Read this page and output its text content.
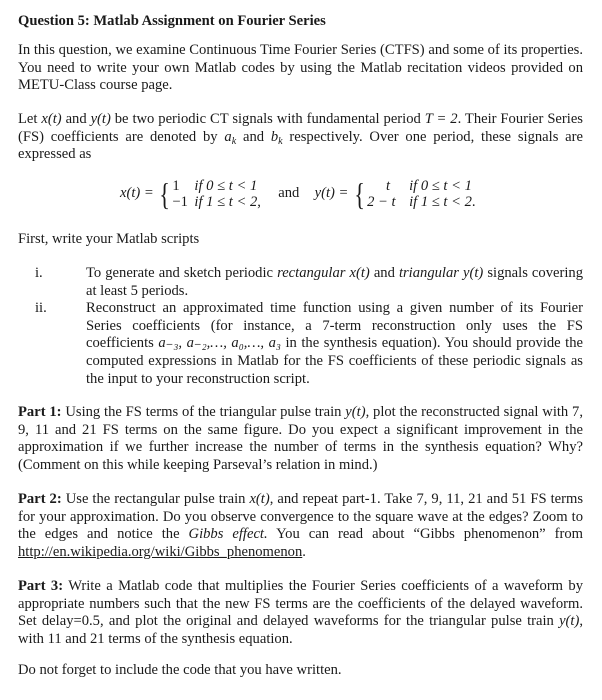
Question 5: Matlab Assignment on Fourier Series

In this question, we examine Continuous Time Fourier Series (CTFS) and some of its properties. You need to write your own Matlab codes by using the Matlab recitation videos provided on METU-Class course page.

Let x(t) and y(t) be two periodic CT signals with fundamental period T = 2. Their Fourier Series (FS) coefficients are denoted by $a_k$ and $b_k$ respectively. Over one period, these signals are expressed as

x(t) = { 1 if 0 ≤ t < 1
−1 if 1 ≤ t < 2,
and y(t) = {	t if 0 ≤ t < 1
2 − t if 1 ≤ t < 2.

First, write your Matlab scripts

i.	To generate and sketch periodic rectangular x(t) and triangular y(t) signals covering at least 5 periods.

ii.	Reconstruct an approximated time function using a given number of its Fourier Series coefficients (for instance, a 7-term reconstruction only uses the FS coefficients a₋₃, a₋₂,…, a₀,…, a₃ in the synthesis equation). You should provide the computed expressions in Matlab for the FS coefficients of these periodic signals as the input to your reconstruction script.

Part 1: Using the FS terms of the triangular pulse train y(t), plot the reconstructed signal with 7, 9, 11 and 21 FS terms on the same figure. Do you expect a significant improvement in the approximation if we further increase the number of terms in the synthesis equation? Why? (Comment on this while keeping Parseval’s relation in mind.)

Part 2: Use the rectangular pulse train x(t), and repeat part-1. Take 7, 9, 11, 21 and 51 FS terms for your approximation. Do you observe convergence to the square wave at the edges? Zoom to the edges and notice the Gibbs effect. You can read about “Gibbs phenomenon” from http://en.wikipedia.org/wiki/Gibbs_phenomenon.

Part 3: Write a Matlab code that multiplies the Fourier Series coefficients of a waveform by appropriate numbers such that the new FS terms are the coefficients of the delayed waveform. Set delay=0.5, and plot the original and delayed waveforms for the triangular pulse train y(t), with 11 and 21 terms of the synthesis equation.

Do not forget to include the code that you have written.
